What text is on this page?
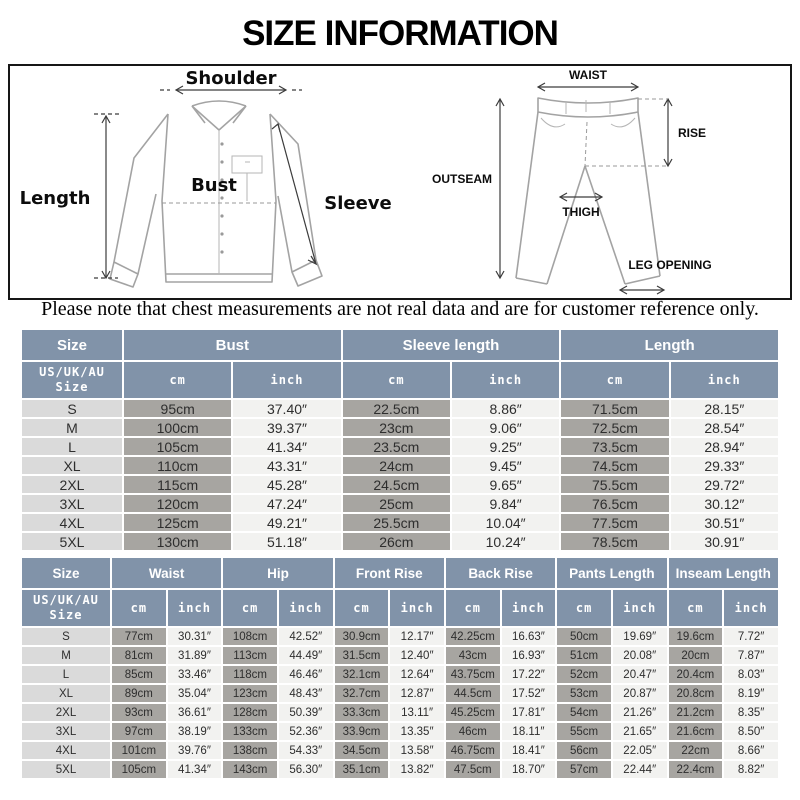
SIZE INFORMATION
Shoulder
Length
Bust
Sleeve
WAIST
RISE
OUTSEAM
THIGH
LEG OPENING
Please note that chest measurements are not real data and are for customer reference only.
Size	Bust		Sleeve length		Length	
US/UK/AU
Size	cm	inch	cm	inch	cm	inch
S	95cm	37.40″	22.5cm	8.86″	71.5cm	28.15″
M	100cm	39.37″	23cm	9.06″	72.5cm	28.54″
L	105cm	41.34″	23.5cm	9.25″	73.5cm	28.94″
XL	110cm	43.31″	24cm	9.45″	74.5cm	29.33″
2XL	115cm	45.28″	24.5cm	9.65″	75.5cm	29.72″
3XL	120cm	47.24″	25cm	9.84″	76.5cm	30.12″
4XL	125cm	49.21″	25.5cm	10.04″	77.5cm	30.51″
5XL	130cm	51.18″	26cm	10.24″	78.5cm	30.91″
Size	Waist		Hip		Front Rise		Back Rise		Pants Length		Inseam Length	
US/UK/AU
Size	cm	inch	cm	inch	cm	inch	cm	inch	cm	inch	cm	inch
S	77cm	30.31″	108cm	42.52″	30.9cm	12.17″	42.25cm	16.63″	50cm	19.69″	19.6cm	7.72″
M	81cm	31.89″	113cm	44.49″	31.5cm	12.40″	43cm	16.93″	51cm	20.08″	20cm	7.87″
L	85cm	33.46″	118cm	46.46″	32.1cm	12.64″	43.75cm	17.22″	52cm	20.47″	20.4cm	8.03″
XL	89cm	35.04″	123cm	48.43″	32.7cm	12.87″	44.5cm	17.52″	53cm	20.87″	20.8cm	8.19″
2XL	93cm	36.61″	128cm	50.39″	33.3cm	13.11″	45.25cm	17.81″	54cm	21.26″	21.2cm	8.35″
3XL	97cm	38.19″	133cm	52.36″	33.9cm	13.35″	46cm	18.11″	55cm	21.65″	21.6cm	8.50″
4XL	101cm	39.76″	138cm	54.33″	34.5cm	13.58″	46.75cm	18.41″	56cm	22.05″	22cm	8.66″
5XL	105cm	41.34″	143cm	56.30″	35.1cm	13.82″	47.5cm	18.70″	57cm	22.44″	22.4cm	8.82″
